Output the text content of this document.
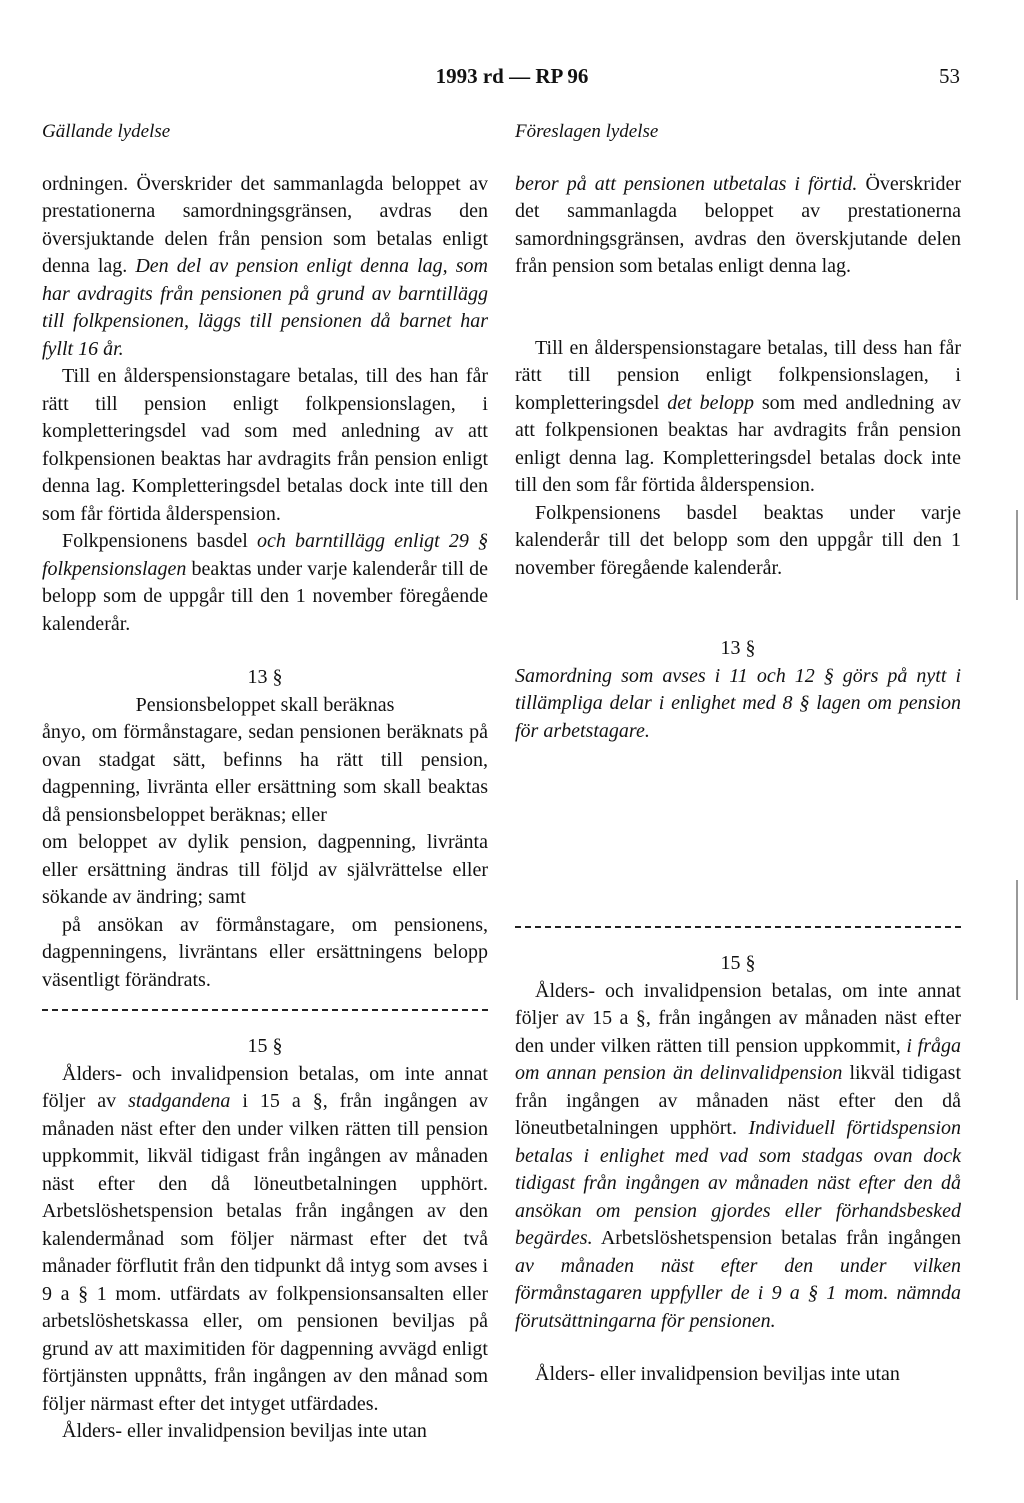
1993 rd — RP 96	53
Gällande lydelse

ordningen. Överskrider det sammanlagda beloppet av prestationerna samordningsgränsen, avdras den översjuktande delen från pension som betalas enligt denna lag. Den del av pension enligt denna lag, som har avdragits från pensionen på grund av barntillägg till folkpensionen, läggs till pensionen då barnet har fyllt 16 år.

Till en ålderspensionstagare betalas, till des han får rätt till pension enligt folkpensionslagen, i kompletteringsdel vad som med anledning av att folkpensionen beaktas har avdragits från pension enligt denna lag. Kompletteringsdel betalas dock inte till den som får förtida ålderspension.

Folkpensionens basdel och barntillägg enligt 29 § folkpensionslagen beaktas under varje kalenderår till de belopp som de uppgår till den 1 november föregående kalenderår.

13 §

Pensionsbeloppet skall beräknas

ånyo, om förmånstagare, sedan pensionen beräknats på ovan stadgat sätt, befinns ha rätt till pension, dagpenning, livränta eller ersättning som skall beaktas då pensionsbeloppet beräknas; eller

om beloppet av dylik pension, dagpenning, livränta eller ersättning ändras till följd av självrättelse eller sökande av ändring; samt

på ansökan av förmånstagare, om pensionens, dagpenningens, livräntans eller ersättningens belopp väsentligt förändrats.

15 §

Ålders- och invalidpension betalas, om inte annat följer av stadgandena i 15 a §, från ingången av månaden näst efter den under vilken rätten till pension uppkommit, likväl tidigast från ingången av månaden näst efter den då löneutbetalningen upphört. Arbetslöshetspension betalas från ingången av den kalendermånad som följer närmast efter det två månader förflutit från den tidpunkt då intyg som avses i 9 a § 1 mom. utfärdats av folkpensionsansalten eller arbetslöshetskassa eller, om pensionen beviljas på grund av att maximitiden för dagpenning avvägd enligt förtjänsten uppnåtts, från ingången av den månad som följer närmast efter det intyget utfärdades.

Ålders- eller invalidpension beviljas inte utan

Föreslagen lydelse

beror på att pensionen utbetalas i förtid. Överskrider det sammanlagda beloppet av prestationerna samordningsgränsen, avdras den överskjutande delen från pension som betalas enligt denna lag.

Till en ålderspensionstagare betalas, till dess han får rätt till pension enligt folkpensionslagen, i kompletteringsdel det belopp som med andledning av att folkpensionen beaktas har avdragits från pension enligt denna lag. Kompletteringsdel betalas dock inte till den som får förtida ålderspension.

Folkpensionens basdel beaktas under varje kalenderår till det belopp som den uppgår till den 1 november föregående kalenderår.

13 §

Samordning som avses i 11 och 12 § görs på nytt i tillämpliga delar i enlighet med 8 § lagen om pension för arbetstagare.

15 §

Ålders- och invalidpension betalas, om inte annat följer av 15 a §, från ingången av månaden näst efter den under vilken rätten till pension uppkommit, i fråga om annan pension än delinvalidpension likväl tidigast från ingången av månaden näst efter den då löneutbetalningen upphört. Individuell förtidspension betalas i enlighet med vad som stadgas ovan dock tidigast från ingången av månaden näst efter den då ansökan om pension gjordes eller förhandsbesked begärdes. Arbetslöshetspension betalas från ingången av månaden näst efter den under vilken förmånstagaren uppfyller de i 9 a § 1 mom. nämnda förutsättningarna för pensionen.

Ålders- eller invalidpension beviljas inte utan
